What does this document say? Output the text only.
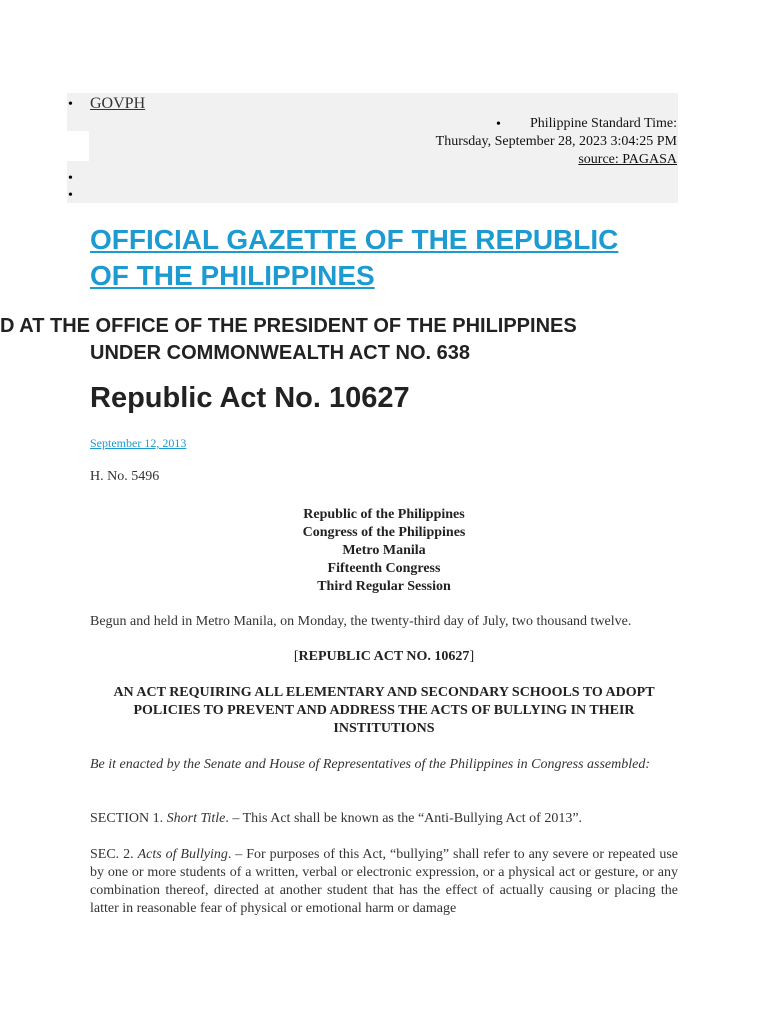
• GOVPH
•	Philippine Standard Time:
Thursday, September 28, 2023 3:04:25 PM
source: PAGASA
•
•
OFFICIAL GAZETTE OF THE REPUBLIC
OF THE PHILIPPINES
D AT THE OFFICE OF THE PRESIDENT OF THE PHILIPPINES
UNDER COMMONWEALTH ACT NO. 638
Republic Act No. 10627
September 12, 2013
H. No. 5496
Republic of the Philippines
Congress of the Philippines
Metro Manila
Fifteenth Congress
Third Regular Session
Begun and held in Metro Manila, on Monday, the twenty-third day of July, two thousand twelve.
[REPUBLIC ACT NO. 10627]
AN ACT REQUIRING ALL ELEMENTARY AND SECONDARY SCHOOLS TO ADOPT POLICIES TO PREVENT AND ADDRESS THE ACTS OF BULLYING IN THEIR INSTITUTIONS
Be it enacted by the Senate and House of Representatives of the Philippines in Congress assembled:
SECTION 1. Short Title. – This Act shall be known as the “Anti-Bullying Act of 2013”.
SEC. 2. Acts of Bullying. – For purposes of this Act, “bullying” shall refer to any severe or repeated use by one or more students of a written, verbal or electronic expression, or a physical act or gesture, or any combination thereof, directed at another student that has the effect of actually causing or placing the latter in reasonable fear of physical or emotional harm or damage
